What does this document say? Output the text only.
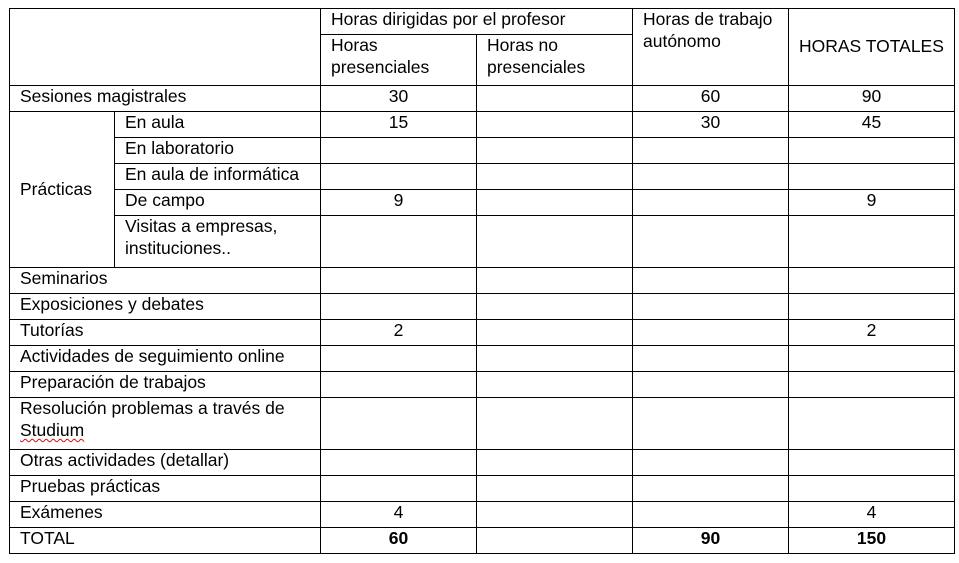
		Horas dirigidas por el profesor		Horas de trabajo autónomo	HORAS TOTALES
		Horas presenciales	Horas no presenciales		
Sesiones magistrales		30		60	90
Prácticas	En aula	15		30	45
	En laboratorio				
	En aula de informática				
	De campo	9			9
	Visitas a empresas, instituciones..				
Seminarios					
Exposiciones y debates					
Tutorías		2			2
Actividades de seguimiento online					
Preparación de trabajos					

Resolución problemas a través de
Studium					
Otras actividades (detallar)					
Pruebas prácticas					
Exámenes		4			4
TOTAL		60		90	150
